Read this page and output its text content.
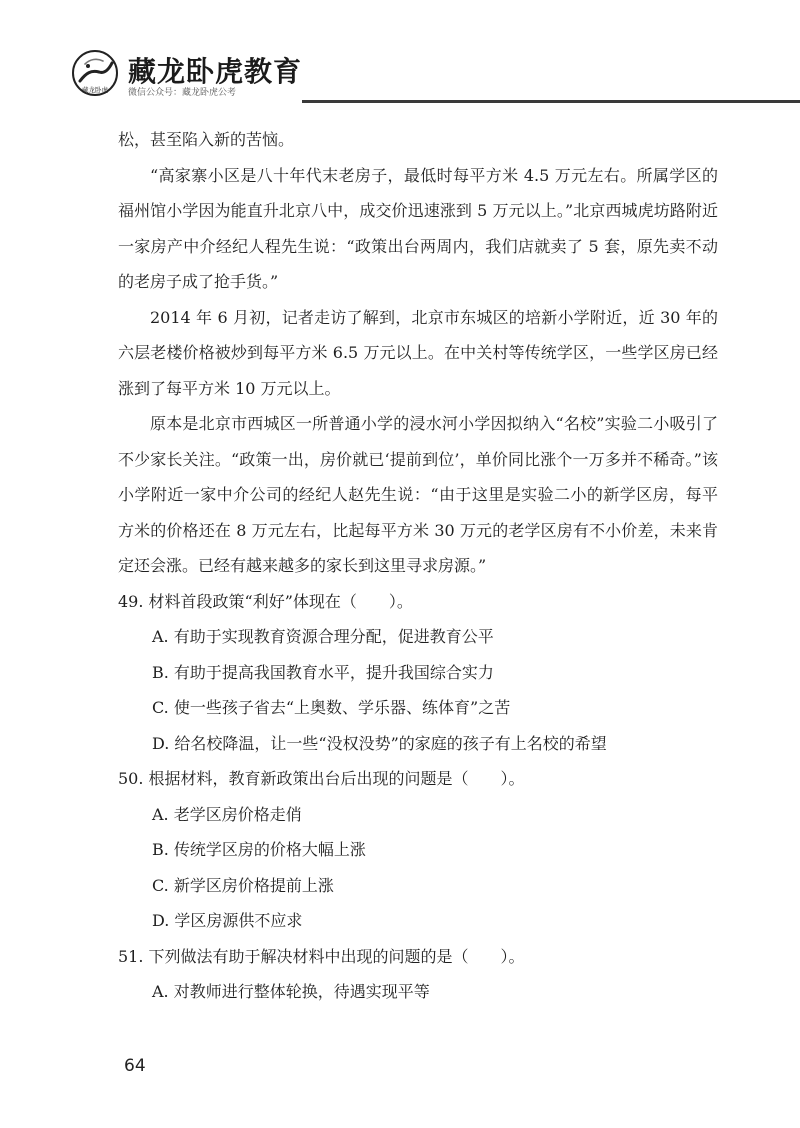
藏龙卧虎
藏龙卧虎教育
微信公众号：藏龙卧虎公考

松，甚至陷入新的苦恼。

“高家寨小区是八十年代末老房子，最低时每平方米 4.5 万元左右。所属学区的福州馆小学因为能直升北京八中，成交价迅速涨到 5 万元以上。”北京西城虎坊路附近一家房产中介经纪人程先生说：“政策出台两周内，我们店就卖了 5 套，原先卖不动的老房子成了抢手货。”

2014 年 6 月初，记者走访了解到，北京市东城区的培新小学附近，近 30 年的六层老楼价格被炒到每平方米 6.5 万元以上。在中关村等传统学区，一些学区房已经涨到了每平方米 10 万元以上。

原本是北京市西城区一所普通小学的浸水河小学因拟纳入“名校”实验二小吸引了不少家长关注。“政策一出，房价就已‘提前到位’，单价同比涨个一万多并不稀奇。”该小学附近一家中介公司的经纪人赵先生说：“由于这里是实验二小的新学区房，每平方米的价格还在 8 万元左右，比起每平方米 30 万元的老学区房有不小价差，未来肯定还会涨。已经有越来越多的家长到这里寻求房源。”

49. 材料首段政策“利好”体现在（　　）。

A. 有助于实现教育资源合理分配，促进教育公平

B. 有助于提高我国教育水平，提升我国综合实力

C. 使一些孩子省去“上奥数、学乐器、练体育”之苦

D. 给名校降温，让一些“没权没势”的家庭的孩子有上名校的希望

50. 根据材料，教育新政策出台后出现的问题是（　　）。

A. 老学区房价格走俏

B. 传统学区房的价格大幅上涨

C. 新学区房价格提前上涨

D. 学区房源供不应求

51. 下列做法有助于解决材料中出现的问题的是（　　）。

A. 对教师进行整体轮换，待遇实现平等

64
